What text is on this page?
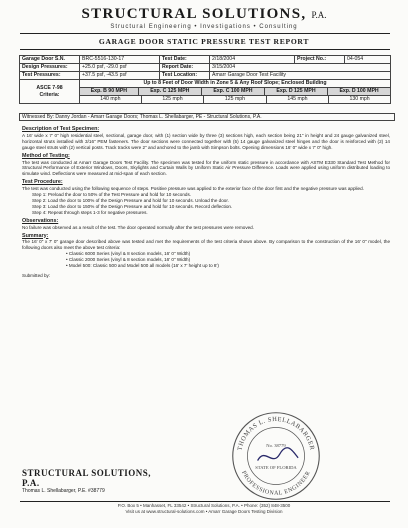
STRUCTURAL SOLUTIONS, P.A.
Structural Engineering • Investigations • Consulting
GARAGE DOOR STATIC PRESSURE TEST REPORT
Garage Door S.N.	BRC-5516-130-17	Test Date:	2/18/2004	Project No.:	04-054
Design Pressures:	+25.0 psf, -29.0 psf	Report Date:	3/15/2004
Test Pressures:	+37.5 psf, -43.5 psf	Test Location:	Amarr Garage Door Test Facility
ASCE 7-98
Criteria:	Up to 8 Feet of Door Width in Zone 5 & Any Roof Slope; Enclosed Building

Exp. B 90 MPH	Exp. C 125 MPH	Exp. C 100 MPH	Exp. D 125 MPH	Exp. D 100 MPH

140 mph	125 mph	125 mph	145 mph	130 mph
Witnessed By: Danny Jordan - Amarr Garage Doors; Thomas L. Shellabarger, PE - Structural Solutions, P.A.
Description of Test Specimen:
A 16' wide x 7' 0" high residential steel, sectional, garage door, with (1) section wide by three (3) sections high, each section being 21" in height and 24 gauge galvanized steel, horizontal struts installed with 3/16" PEM fasteners. The door sections were connected together with (5) 14 gauge galvanized steel hinges and the door is reinforced with (2) 14 gauge steel struts with (2) vertical posts. Track tracks were 2" and anchored to the jamb with Simpson bolts. Opening dimensions 16' 0" wide x 7' 0" high.
Method of Testing:
The test was conducted at Amarr Garage Doors Test Facility. The specimen was tested for the uniform static pressure in accordance with ASTM E330 Standard Test Method for Structural Performance of Exterior Windows, Doors, Skylights and Curtain Walls by Uniform Static Air Pressure Difference. Loads were applied using uniform distributed loading to simulate wind. Deflections were measured at mid-span of each section.
Test Procedure:
The test was conducted using the following sequence of steps. Positive pressure was applied to the exterior face of the door first and the negative pressure was applied.
Step 1: Preload the door to 50% of the Test Pressure and hold for 10 seconds.
Step 2: Load the door to 100% of the Design Pressure and hold for 10 seconds. Unload the door.
Step 3: Load the door to 150% of the Design Pressure and hold for 10 seconds. Record deflection.
Step 4: Repeat through steps 1-3 for negative pressures.
Observations:
No failure was observed as a result of the test. The door operated normally after the test pressures were removed.
Summary:
The 16' 0" x 7' 0" garage door described above was tested and met the requirements of the test criteria shown above. By comparison to the construction of the 16' 0" model, the following doors also meet the above test criteria:
• Classic 6000 Series (vinyl & 8 section models, 16' 0" Width)
• Classic 2000 Series (vinyl & 8 section models, 16' 0" Width)
• Model 500: Classic 500 and Model 500 all models (16' x 7' height up to 8')
Submitted by:
THOMAS L. SHELLABARGER
PROFESSIONAL ENGINEER
No. 38779
STATE OF FLORIDA
STRUCTURAL SOLUTIONS, P.A.
Thomas L. Shellabarger, P.E. #38779
P.O. Box 5 • Manhasset, FL 33542 • Structural Solutions, P.A. • Phone: (352) 848-3500
Visit us at www.structural-solutions.com • Amarr Garage Doors Testing Division
